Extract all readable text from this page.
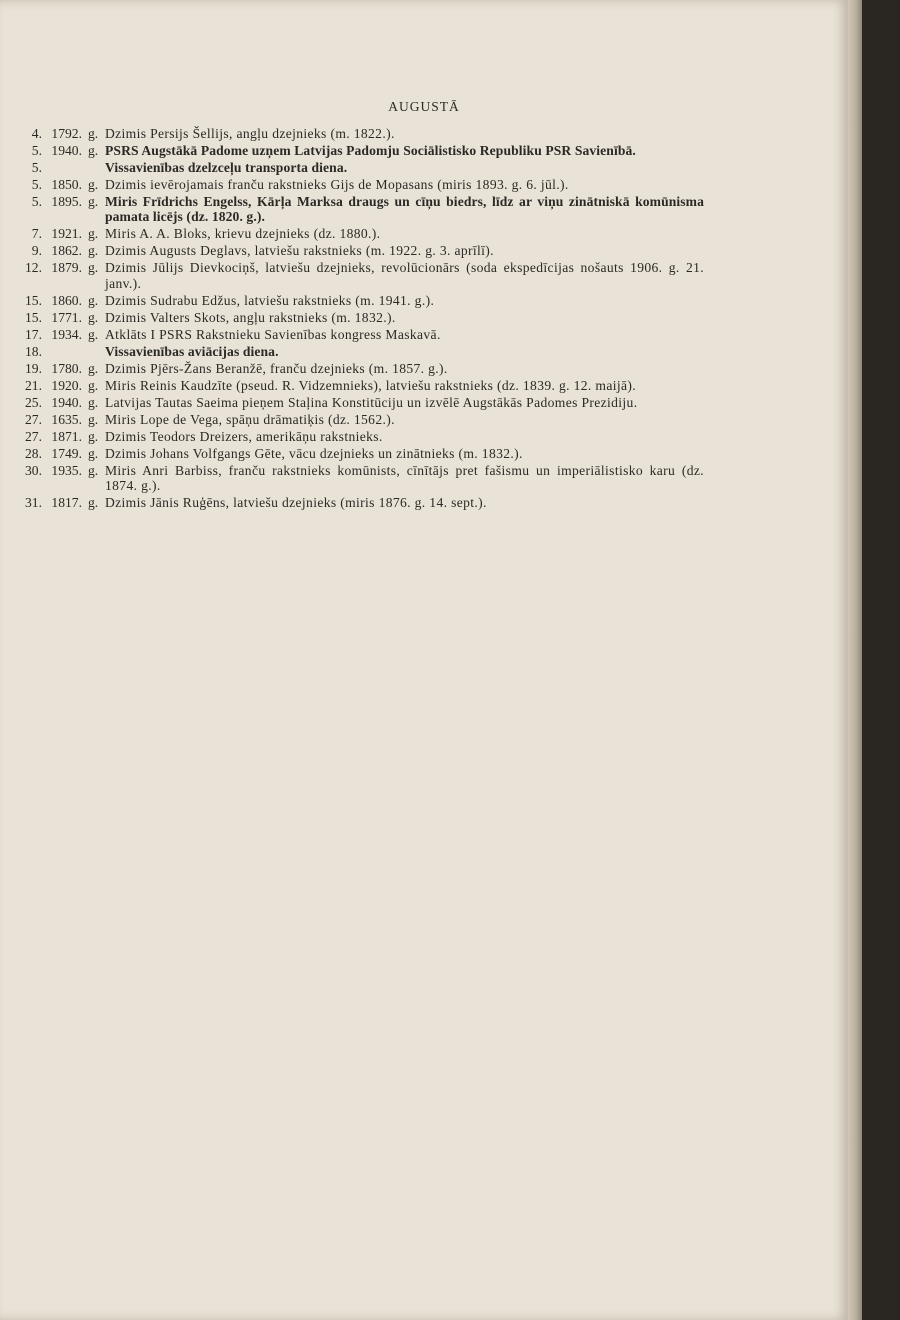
AUGUSTĀ
4. 1792. g. Dzimis Persijs Šellijs, angļu dzejnieks (m. 1822.).
5. 1940. g. PSRS Augstākā Padome uzņem Latvijas Padomju Sociālistisko Republiku PSR Savienībā.
5.	Vissavienības dzelzceļu transporta diena.
5. 1850. g. Dzimis ievērojamais franču rakstnieks Gijs de Mopasans (miris 1893. g. 6. jūl.).
5. 1895. g. Miris Frīdrichs Engelss, Kārļa Marksa draugs un cīņu biedrs, līdz ar viņu zinātniskā komūnisma pamata licējs (dz. 1820. g.).
7. 1921. g. Miris A. A. Bloks, krievu dzejnieks (dz. 1880.).
9. 1862. g. Dzimis Augusts Deglavs, latviešu rakstnieks (m. 1922. g. 3. aprīlī).
12. 1879. g. Dzimis Jūlijs Dievkociņš, latviešu dzejnieks, revolūcionārs (soda ekspedīcijas nošauts 1906. g. 21. janv.).
15. 1860. g. Dzimis Sudrabu Edžus, latviešu rakstnieks (m. 1941. g.).
15. 1771. g. Dzimis Valters Skots, angļu rakstnieks (m. 1832.).
17. 1934. g. Atklāts I PSRS Rakstnieku Savienības kongress Maskavā.
18.	Vissavienības aviācijas diena.
19. 1780. g. Dzimis Pjērs-Žans Beranžē, franču dzejnieks (m. 1857. g.).
21. 1920. g. Miris Reinis Kaudzīte (pseud. R. Vidzemnieks), latviešu rakstnieks (dz. 1839. g. 12. maijā).
25. 1940. g. Latvijas Tautas Saeima pieņem Staļina Konstitūciju un izvēlē Augstākās Padomes Prezidiju.
27. 1635. g. Miris Lope de Vega, spāņu drāmatiķis (dz. 1562.).
27. 1871. g. Dzimis Teodors Dreizers, amerikāņu rakstnieks.
28. 1749. g. Dzimis Johans Volfgangs Gēte, vācu dzejnieks un zinātnieks (m. 1832.).
30. 1935. g. Miris Anri Barbiss, franču rakstnieks komūnists, cīnītājs pret fašismu un imperiālistisko karu (dz. 1874. g.).
31. 1817. g. Dzimis Jānis Ruģēns, latviešu dzejnieks (miris 1876. g. 14. sept.).
